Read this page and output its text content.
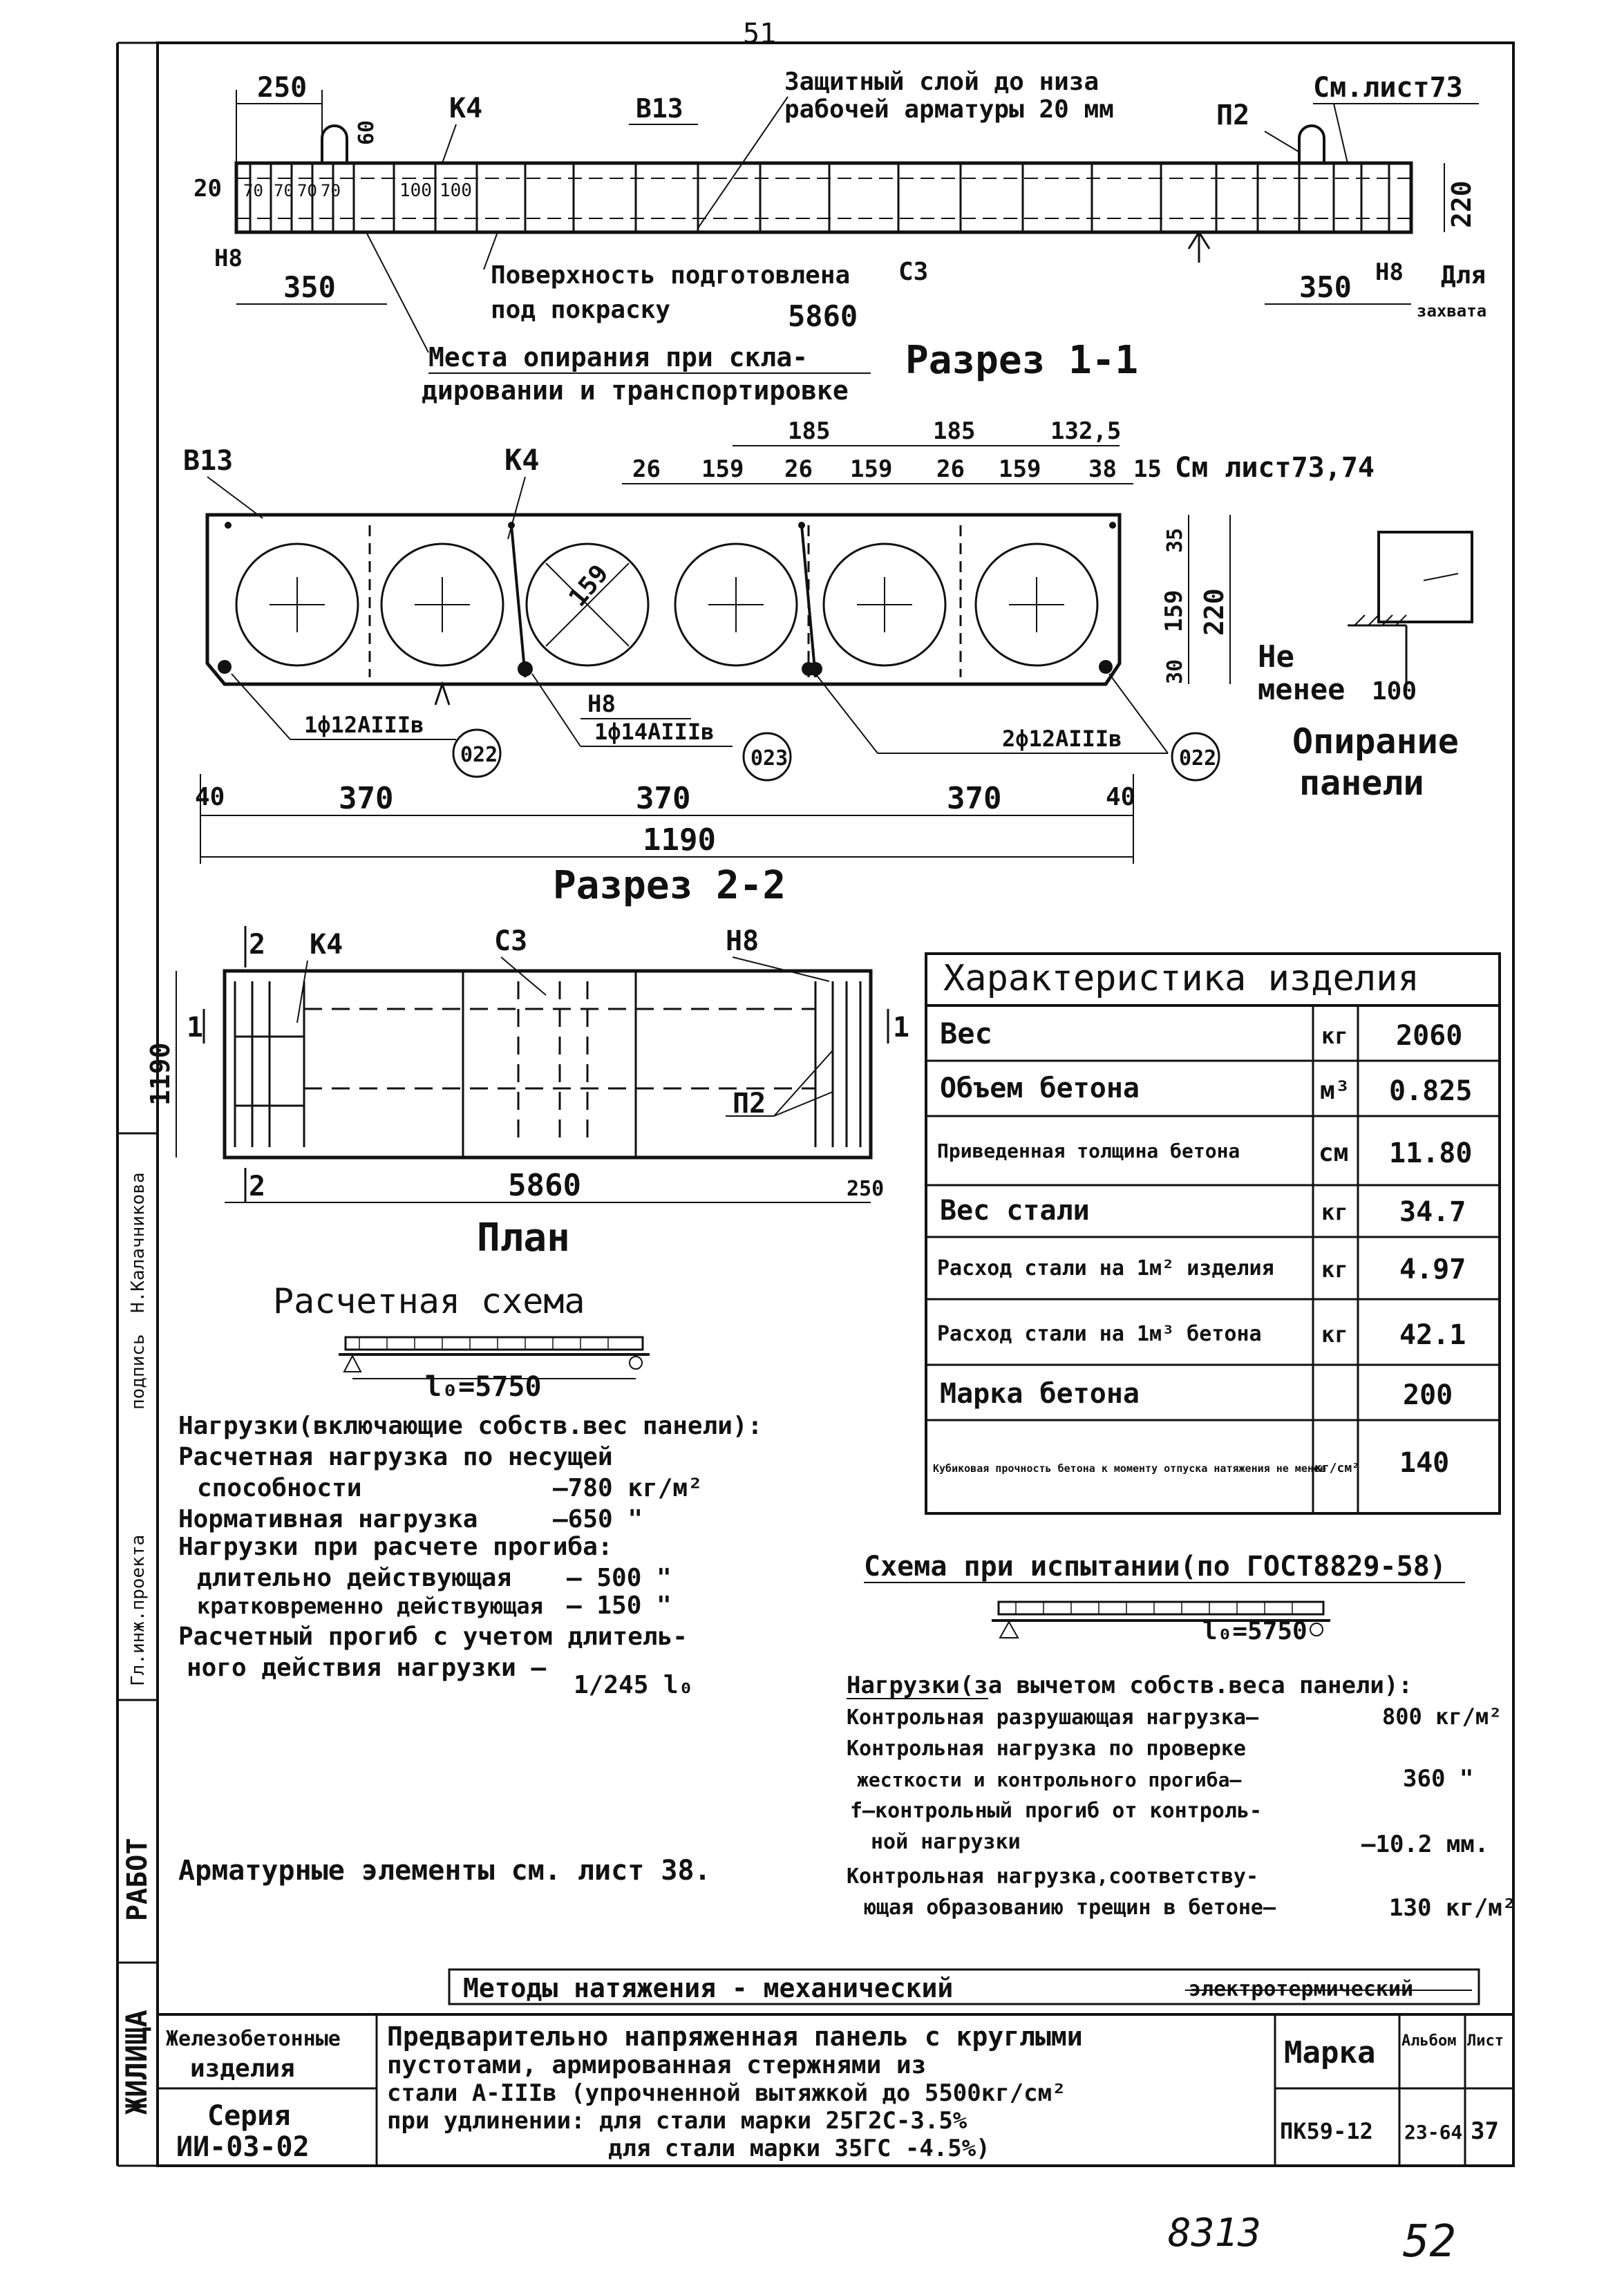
ЖИЛИЩА
РАБОТ
Гл.инж.проекта
подпись
Н.Калачникова
51
250
60
20 70 70 70 70	100 100	220
К4	В13	П2
Защитный слой до низа
рабочей арматуры 20 мм
См.лист73
Н8	Н8
350	350
Поверхность подготовлена
под покраску
С3
5860
Для
захвата
Места опирания при скла-
дировании и транспортировке
Разрез 1-1
159
185	185	132,5
26 159 26 159 26 159 38 15 См лист73,74
В13	К4
35
159 220
30
1ф12АIIIв
022
1ф14АIIIв
023
Н8
2ф12АIIIв
022
40	370	370	370	40
1190
Разрез 2-2
Не
менее 100
Опирание
панели
2
2
К4	С3	Н8
П2
1190
1	1
5860	250
План
Характеристика изделия
Вес	кг 2060
Объем бетона	м³ 0.825
Приведенная толщина бетона	см 11.80
Вес стали	кг 34.7
Расход стали на 1м² изделия кг 4.97
Расход стали на 1м³ бетона	кг 42.1
Марка бетона	200
Кубиковая прочность бетона к моменту отпуска натяжения не менее
кг/см² 140
Расчетная схема
l₀=5750
Нагрузки(включающие собств.вес панели):
Расчетная нагрузка по несущей
способности	—780 кг/м²
Нормативная нагрузка	—650 "
Нагрузки при расчете прогиба:
длительно действующая — 500 "
кратковременно действующая — 150 "
Расчетный прогиб с учетом длитель-
ного действия нагрузки —
1/245 l₀
Арматурные элементы см. лист 38.
Схема при испытании(по ГОСТ8829-58)
l₀=5750
Нагрузки(за вычетом собств.веса панели):
Контрольная разрушающая нагрузка—	800 кг/м²
Контрольная нагрузка по проверке
жесткости и контрольного прогиба—	360 "
f—контрольный прогиб от контроль-
ной нагрузки	—10.2 мм.
Контрольная нагрузка,соответству-
ющая образованию трещин в бетоне—	130 кг/м²
Методы натяжения - механический	электротермический
Железобетонные
изделия
Серия
ИИ-03-02
Предварительно напряженная панель с круглыми
пустотами, армированная стержнями из
стали А-IIIв (упрочненной вытяжкой до 5500кг/см²
при удлинении: для стали марки 25Г2С-3.5%
для стали марки 35ГС -4.5%)
Марка Альбом Лист
ПК59-12 23-64 37
8313	52
